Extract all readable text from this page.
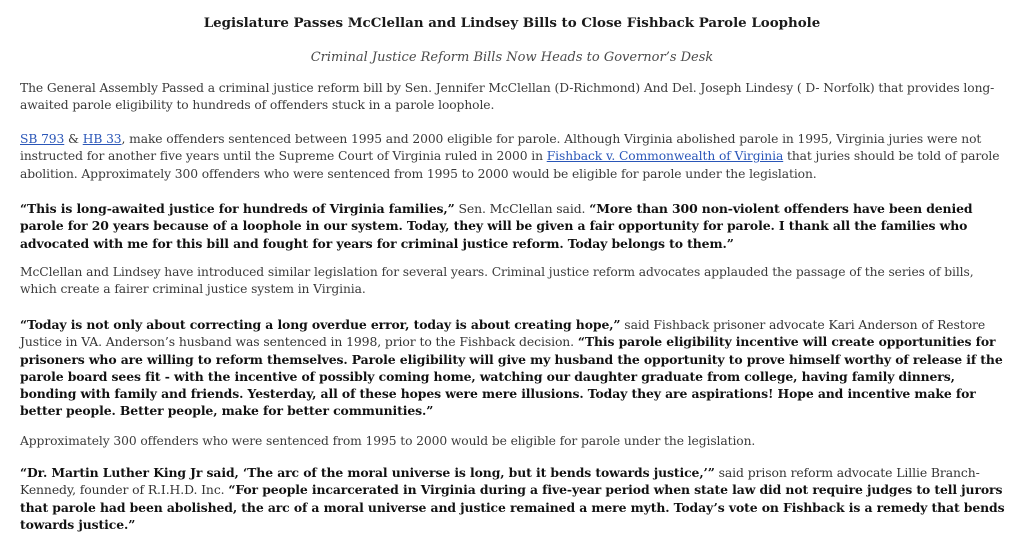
Legislature Passes McClellan and Lindsey Bills to Close Fishback Parole Loophole
Criminal Justice Reform Bills Now Heads to Governor’s Desk

The General Assembly Passed a criminal justice reform bill by Sen. Jennifer McClellan (D-Richmond) And Del. Joseph Lindesy ( D- Norfolk) that provides long-awaited parole eligibility to hundreds of offenders stuck in a parole loophole.

SB 793 & HB 33, make offenders sentenced between 1995 and 2000 eligible for parole. Although Virginia abolished parole in 1995, Virginia juries were not instructed for another five years until the Supreme Court of Virginia ruled in 2000 in Fishback v. Commonwealth of Virginia that juries should be told of parole abolition. Approximately 300 offenders who were sentenced from 1995 to 2000 would be eligible for parole under the legislation.

“This is long-awaited justice for hundreds of Virginia families,” Sen. McClellan said. “More than 300 non-violent offenders have been denied parole for 20 years because of a loophole in our system. Today, they will be given a fair opportunity for parole. I thank all the families who advocated with me for this bill and fought for years for criminal justice reform. Today belongs to them.”

McClellan and Lindsey have introduced similar legislation for several years. Criminal justice reform advocates applauded the passage of the series of bills, which create a fairer criminal justice system in Virginia.

“Today is not only about correcting a long overdue error, today is about creating hope,” said Fishback prisoner advocate Kari Anderson of Restore Justice in VA. Anderson’s husband was sentenced in 1998, prior to the Fishback decision. “This parole eligibility incentive will create opportunities for prisoners who are willing to reform themselves. Parole eligibility will give my husband the opportunity to prove himself worthy of release if the parole board sees fit - with the incentive of possibly coming home, watching our daughter graduate from college, having family dinners, bonding with family and friends. Yesterday, all of these hopes were mere illusions. Today they are aspirations! Hope and incentive make for better people. Better people, make for better communities.”

Approximately 300 offenders who were sentenced from 1995 to 2000 would be eligible for parole under the legislation.

“Dr. Martin Luther King Jr said, ‘The arc of the moral universe is long, but it bends towards justice,’” said prison reform advocate Lillie Branch-Kennedy, founder of R.I.H.D. Inc. “For people incarcerated in Virginia during a five-year period when state law did not require judges to tell jurors that parole had been abolished, the arc of a moral universe and justice remained a mere myth. Today’s vote on Fishback is a remedy that bends towards justice.”
